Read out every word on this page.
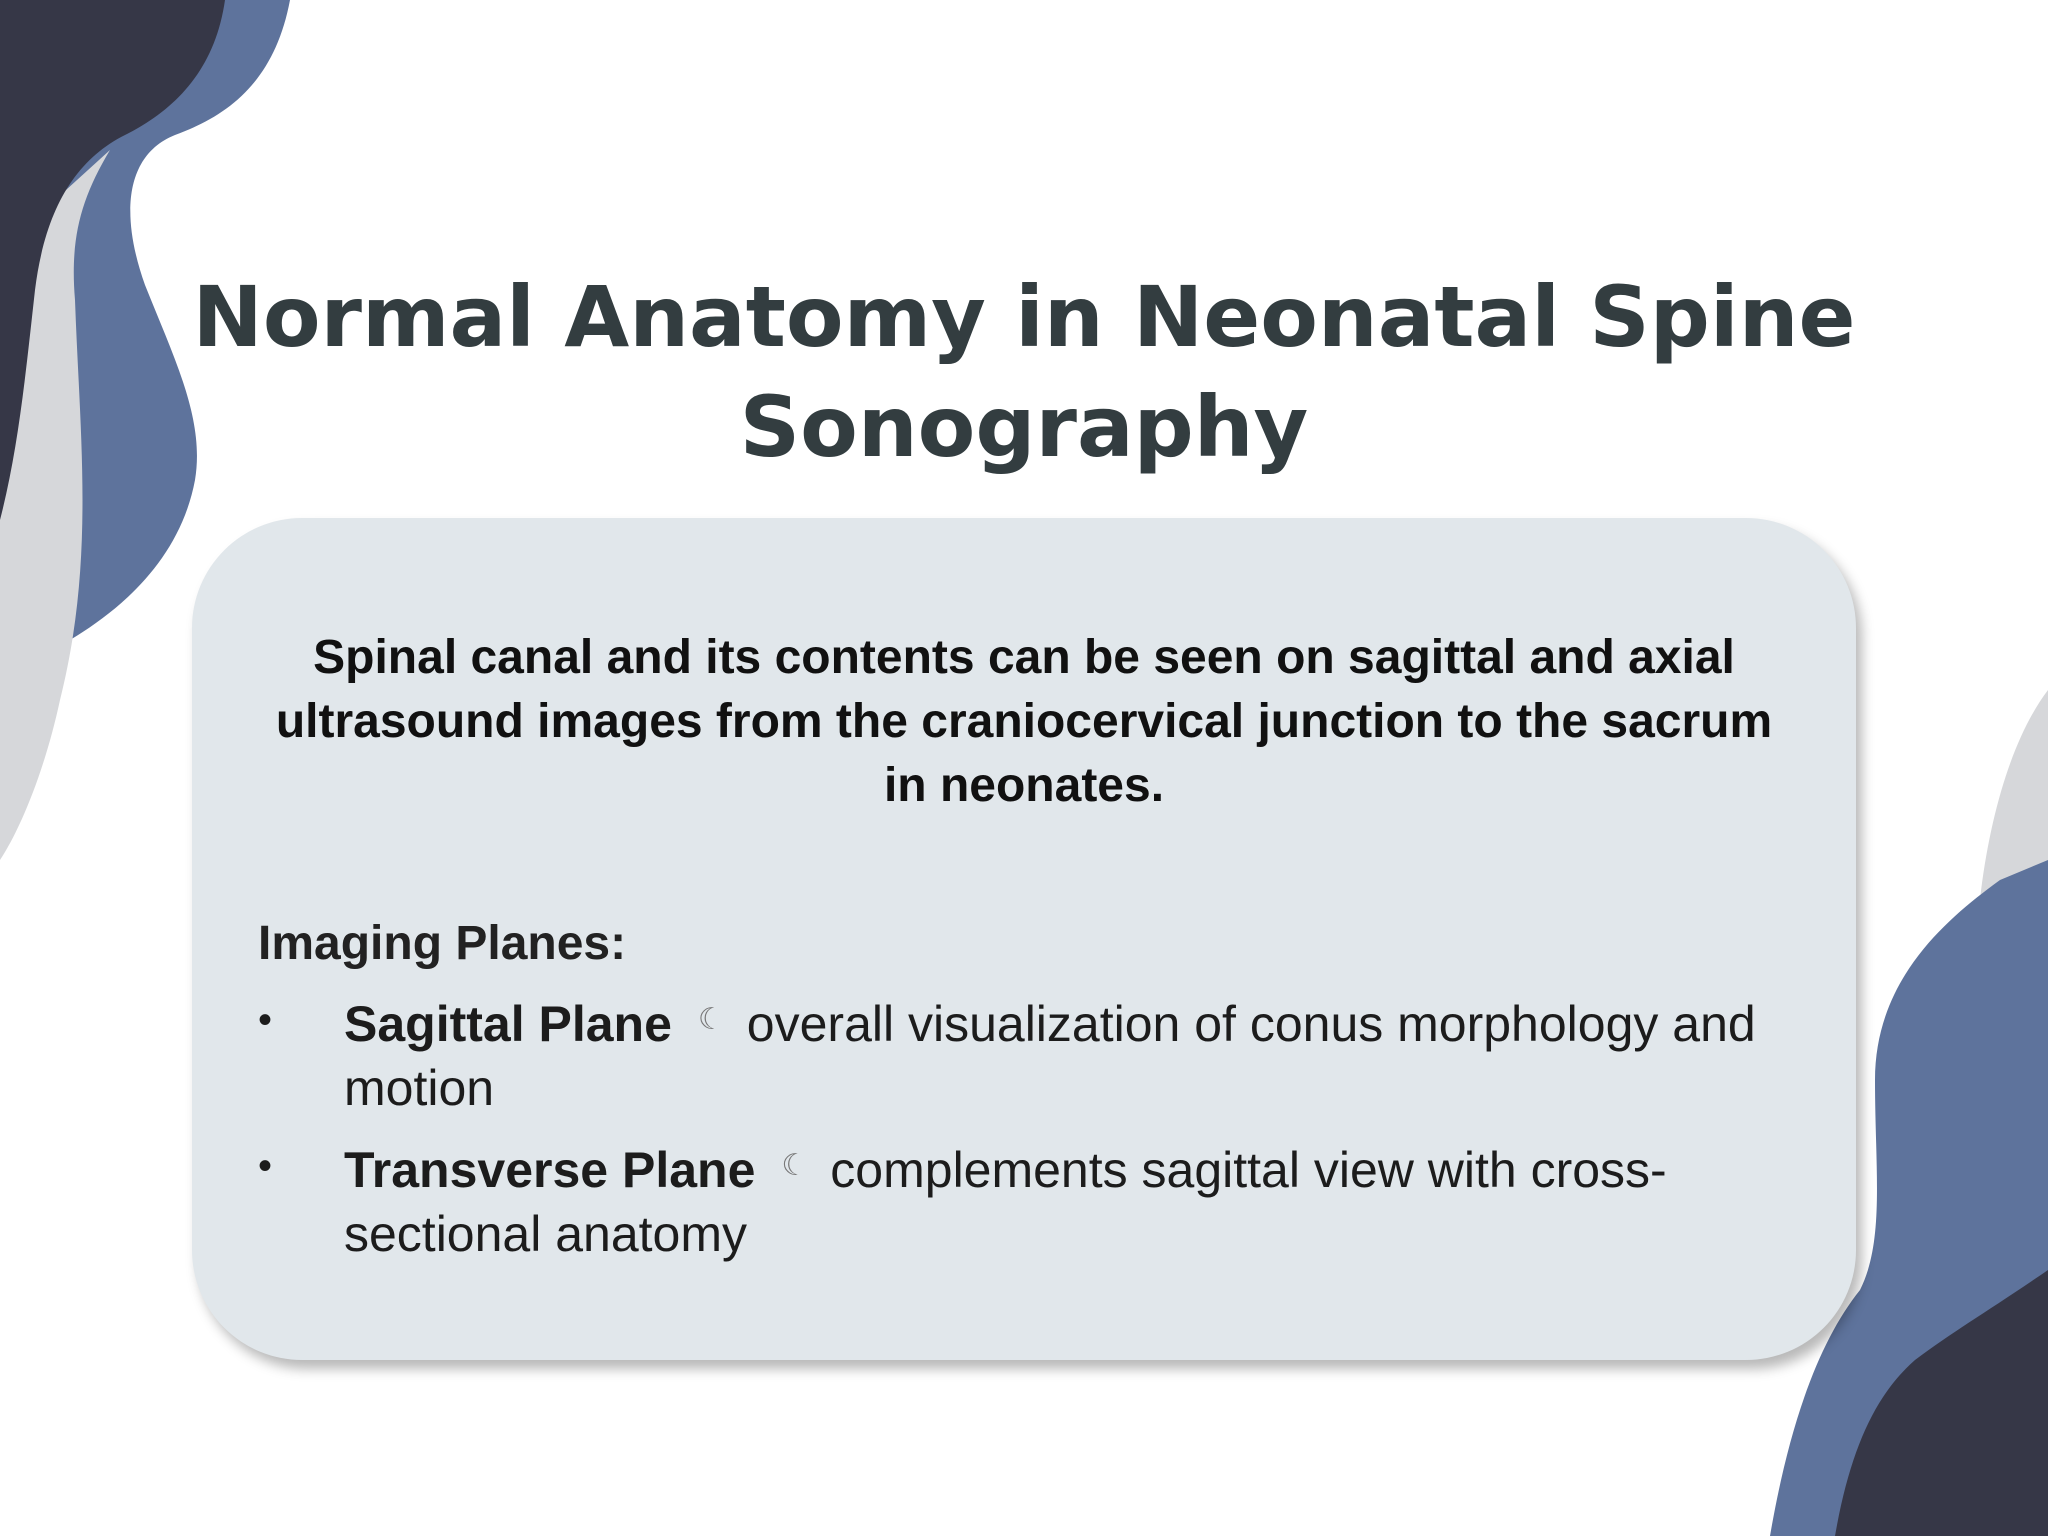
Normal Anatomy in Neonatal Spine Sonography

Spinal canal and its contents can be seen on sagittal and axial ultrasound images from the craniocervical junction to the sacrum in neonates.

Imaging Planes:

• Sagittal Plane ☾ overall visualization of conus morphology and motion
• Transverse Plane ☾ complements sagittal view with cross-sectional anatomy
